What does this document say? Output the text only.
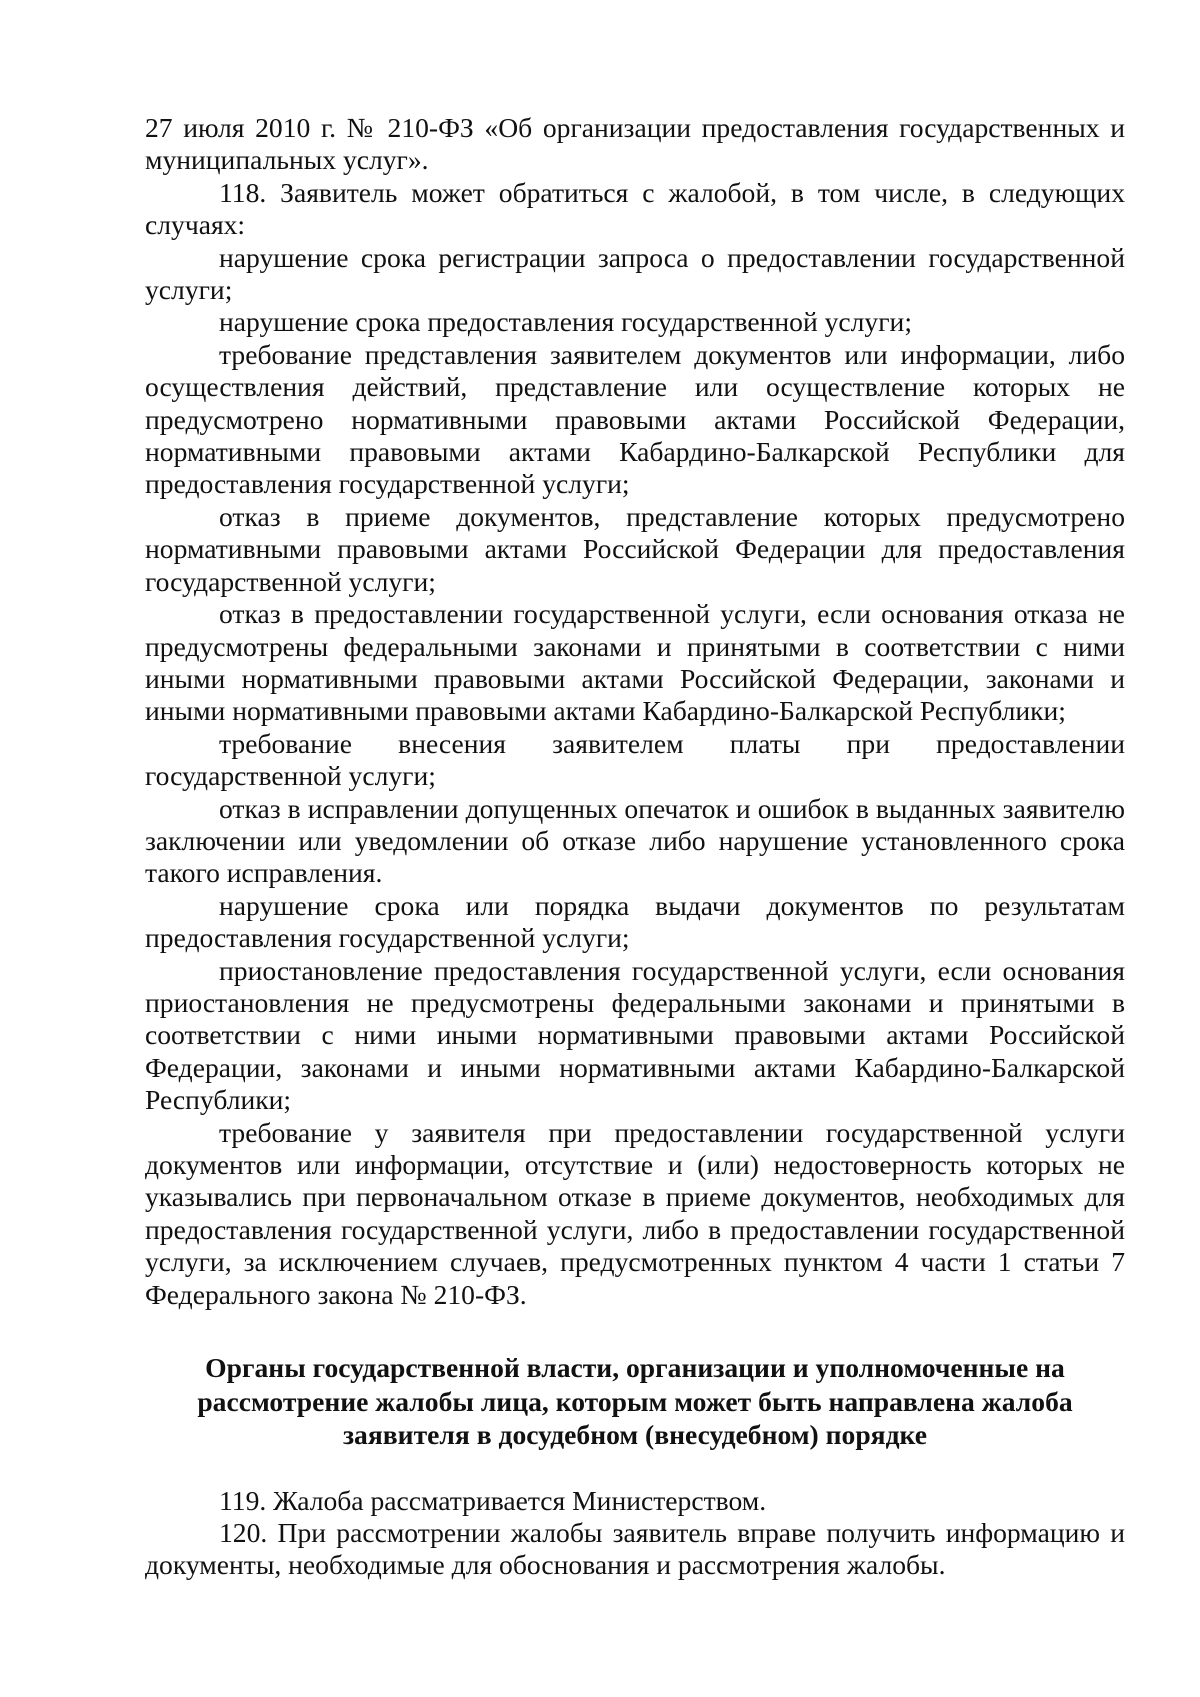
27 июля 2010 г. № 210-ФЗ «Об организации предоставления государственных и муниципальных услуг».

118. Заявитель может обратиться с жалобой, в том числе, в следующих случаях:

нарушение срока регистрации запроса о предоставлении государственной услуги;

нарушение срока предоставления государственной услуги;

требование представления заявителем документов или информации, либо осуществления действий, представление или осуществление которых не предусмотрено нормативными правовыми актами Российской Федерации, нормативными правовыми актами Кабардино-Балкарской Республики для предоставления государственной услуги;

отказ в приеме документов, представление которых предусмотрено нормативными правовыми актами Российской Федерации для предоставления государственной услуги;

отказ в предоставлении государственной услуги, если основания отказа не предусмотрены федеральными законами и принятыми в соответствии с ними иными нормативными правовыми актами Российской Федерации, законами и иными нормативными правовыми актами Кабардино-Балкарской Республики;

требование внесения заявителем платы при предоставлении государственной услуги;

отказ в исправлении допущенных опечаток и ошибок в выданных заявителю заключении или уведомлении об отказе либо нарушение установленного срока такого исправления.

нарушение срока или порядка выдачи документов по результатам предоставления государственной услуги;

приостановление предоставления государственной услуги, если основания приостановления не предусмотрены федеральными законами и принятыми в соответствии с ними иными нормативными правовыми актами Российской Федерации, законами и иными нормативными актами Кабардино-Балкарской Республики;

требование у заявителя при предоставлении государственной услуги документов или информации, отсутствие и (или) недостоверность которых не указывались при первоначальном отказе в приеме документов, необходимых для предоставления государственной услуги, либо в предоставлении государственной услуги, за исключением случаев, предусмотренных пунктом 4 части 1 статьи 7 Федерального закона № 210-ФЗ.

Органы государственной власти, организации и уполномоченные на рассмотрение жалобы лица, которым может быть направлена жалоба заявителя в досудебном (внесудебном) порядке

119. Жалоба рассматривается Министерством.

120. При рассмотрении жалобы заявитель вправе получить информацию и документы, необходимые для обоснования и рассмотрения жалобы.
